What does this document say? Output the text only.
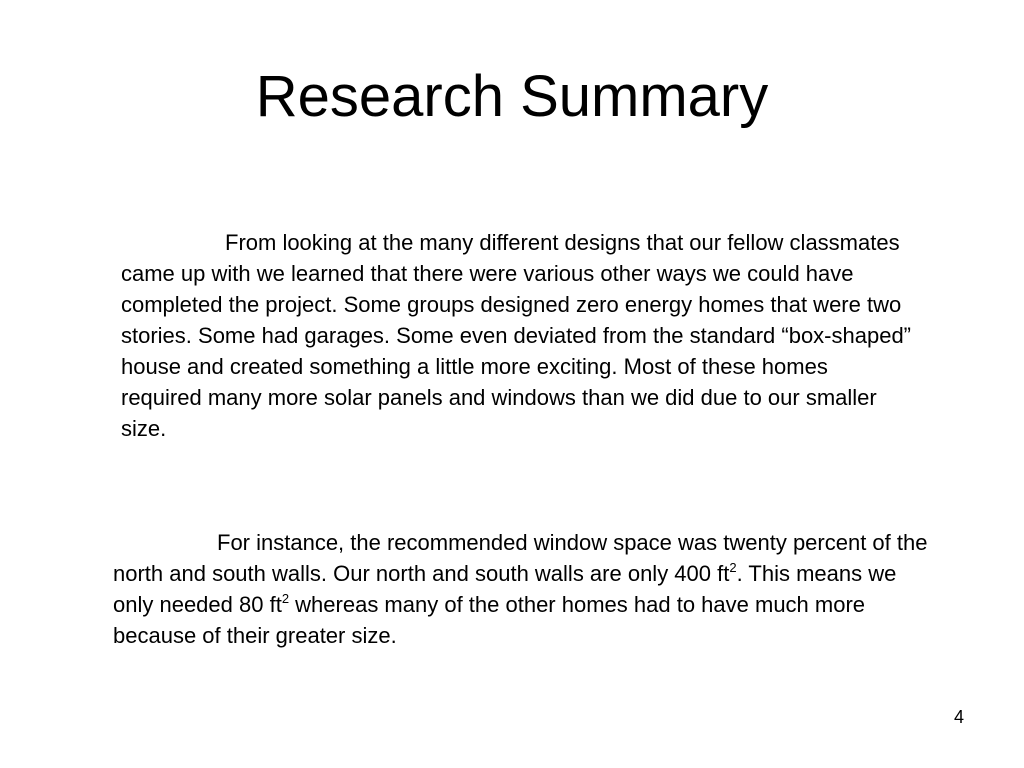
Research Summary

From looking at the many different designs that our fellow classmates came up with we learned that there were various other ways we could have completed the project. Some groups designed zero energy homes that were two stories. Some had garages. Some even deviated from the standard “box-shaped” house and created something a little more exciting. Most of these homes required many more solar panels and windows than we did due to our smaller size.

For instance, the recommended window space was twenty percent of the north and south walls. Our north and south walls are only 400 $ft^2$. This means we only needed 80 $ft^2$ whereas many of the other homes had to have much more because of their greater size.

4
